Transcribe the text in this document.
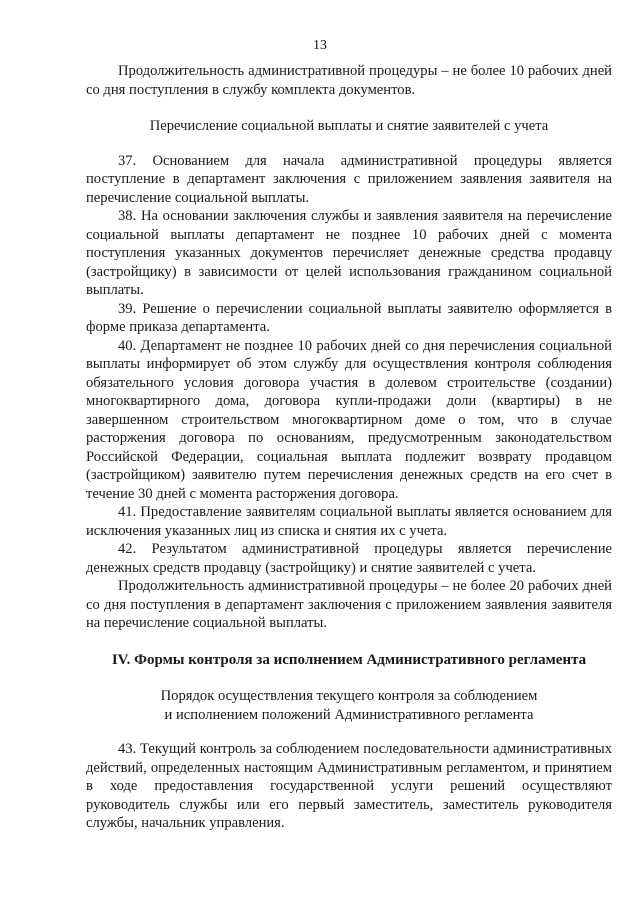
13

Продолжительность административной процедуры – не более 10 рабочих дней со дня поступления в службу комплекта документов.

Перечисление социальной выплаты и снятие заявителей с учета

37. Основанием для начала административной процедуры является поступление в департамент заключения с приложением заявления заявителя на перечисление социальной выплаты.

38. На основании заключения службы и заявления заявителя на перечисление социальной выплаты департамент не позднее 10 рабочих дней с момента поступления указанных документов перечисляет денежные средства продавцу (застройщику) в зависимости от целей использования гражданином социальной выплаты.

39. Решение о перечислении социальной выплаты заявителю оформляется в форме приказа департамента.

40. Департамент не позднее 10 рабочих дней со дня перечисления социальной выплаты информирует об этом службу для осуществления контроля соблюдения обязательного условия договора участия в долевом строительстве (создании) многоквартирного дома, договора купли-продажи доли (квартиры) в не завершенном строительством многоквартирном доме о том, что в случае расторжения договора по основаниям, предусмотренным законодательством Российской Федерации, социальная выплата подлежит возврату продавцом (застройщиком) заявителю путем перечисления денежных средств на его счет в течение 30 дней с момента расторжения договора.

41. Предоставление заявителям социальной выплаты является основанием для исключения указанных лиц из списка и снятия их с учета.

42. Результатом административной процедуры является перечисление денежных средств продавцу (застройщику) и снятие заявителей с учета.

Продолжительность административной процедуры – не более 20 рабочих дней со дня поступления в департамент заключения с приложением заявления заявителя на перечисление социальной выплаты.

IV. Формы контроля за исполнением Административного регламента

Порядок осуществления текущего контроля за соблюдением
и исполнением положений Административного регламента

43. Текущий контроль за соблюдением последовательности административных действий, определенных настоящим Административным регламентом, и принятием в ходе предоставления государственной услуги решений осуществляют руководитель службы или его первый заместитель, заместитель руководителя службы, начальник управления.
